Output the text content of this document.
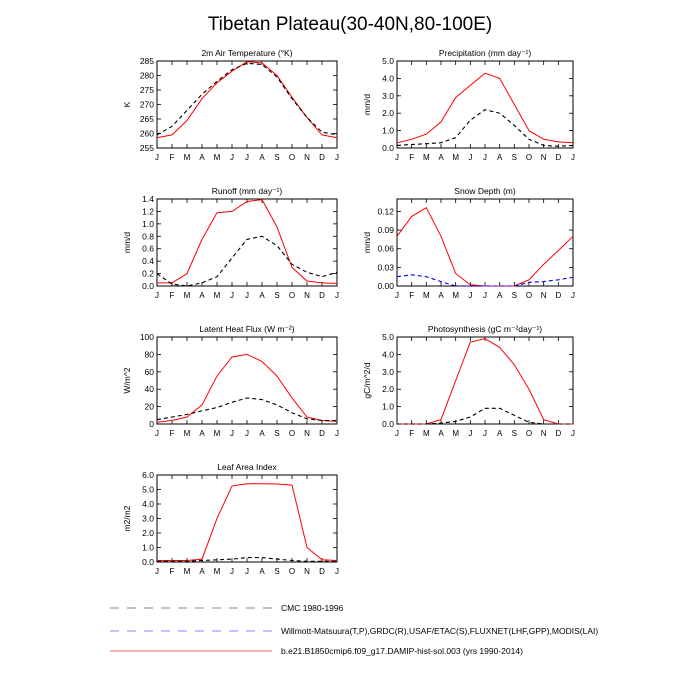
Tibetan Plateau(30-40N,80-100E)
2m Air Temperature (°K)
K
255
260
265
270
275
280
285
J F M A M J J A S O N D J
Precipitation (mm day⁻¹)
mm/d
0.0
1.0
2.0
3.0
4.0
5.0
J F M A M J J A S O N D J
Runoff (mm day⁻¹)
mm/d
0.0
0.2
0.4
0.6
0.8
1.0
1.2
1.4
J F M A M J J A S O N D J
Snow Depth (m)
mm/d
0.00
0.03
0.06
0.09
0.12
J F M A M J J A S O N D J
Latent Heat Flux (W m⁻²)
W/m^2
0
20
40
60
80
100
J F M A M J J A S O N D J
Photosynthesis (gC m⁻²day⁻¹)
gC/m^2/d
0.0
1.0
2.0
3.0
4.0
5.0
J F M A M J J A S O N D J
Leaf Area Index
m2/m2
0.0
1.0
2.0
3.0
4.0
5.0
6.0
J F M A M J J A S O N D J
CMC 1980-1996
Willmott-Matsuura(T,P),GRDC(R),USAF/ETAC(S),FLUXNET(LHF,GPP),MODIS(LAI)
b.e21.B1850cmip6.f09_g17.DAMIP-hist-sol.003 (yrs 1990-2014)
